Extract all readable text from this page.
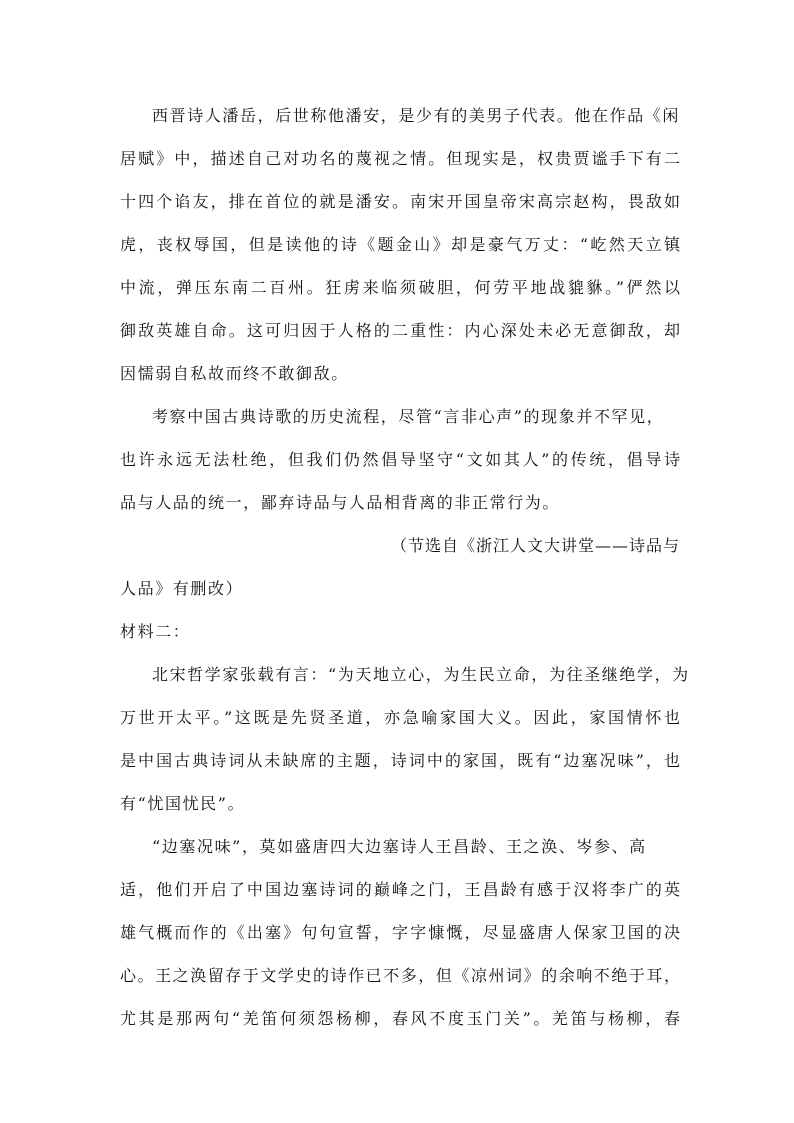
西晋诗人潘岳，后世称他潘安，是少有的美男子代表。他在作品《闲
居赋》中，描述自己对功名的蔑视之情。但现实是，权贵贾谧手下有二
十四个谄友，排在首位的就是潘安。南宋开国皇帝宋高宗赵构，畏敌如
虎，丧权辱国，但是读他的诗《题金山》却是豪气万丈：“屹然天立镇
中流，弹压东南二百州。狂虏来临须破胆，何劳平地战貔貅。”俨然以
御敌英雄自命。这可归因于人格的二重性：内心深处未必无意御敌，却
因懦弱自私故而终不敢御敌。
考察中国古典诗歌的历史流程，尽管“言非心声”的现象并不罕见，
也许永远无法杜绝，但我们仍然倡导坚守“文如其人”的传统，倡导诗
品与人品的统一，鄙弃诗品与人品相背离的非正常行为。
（节选自《浙江人文大讲堂——诗品与
人品》有删改）
材料二：
北宋哲学家张载有言：“为天地立心，为生民立命，为往圣继绝学，为
万世开太平。”这既是先贤圣道，亦急喻家国大义。因此，家国情怀也
是中国古典诗词从未缺席的主题，诗词中的家国，既有“边塞况味”，也
有“忧国忧民”。
“边塞况味”，莫如盛唐四大边塞诗人王昌龄、王之涣、岑参、高
适，他们开启了中国边塞诗词的巅峰之门，王昌龄有感于汉将李广的英
雄气概而作的《出塞》句句宣誓，字字慷慨，尽显盛唐人保家卫国的决
心。王之涣留存于文学史的诗作已不多，但《凉州词》的余响不绝于耳，
尤其是那两句“羌笛何须怨杨柳，春风不度玉门关”。羌笛与杨柳，春
